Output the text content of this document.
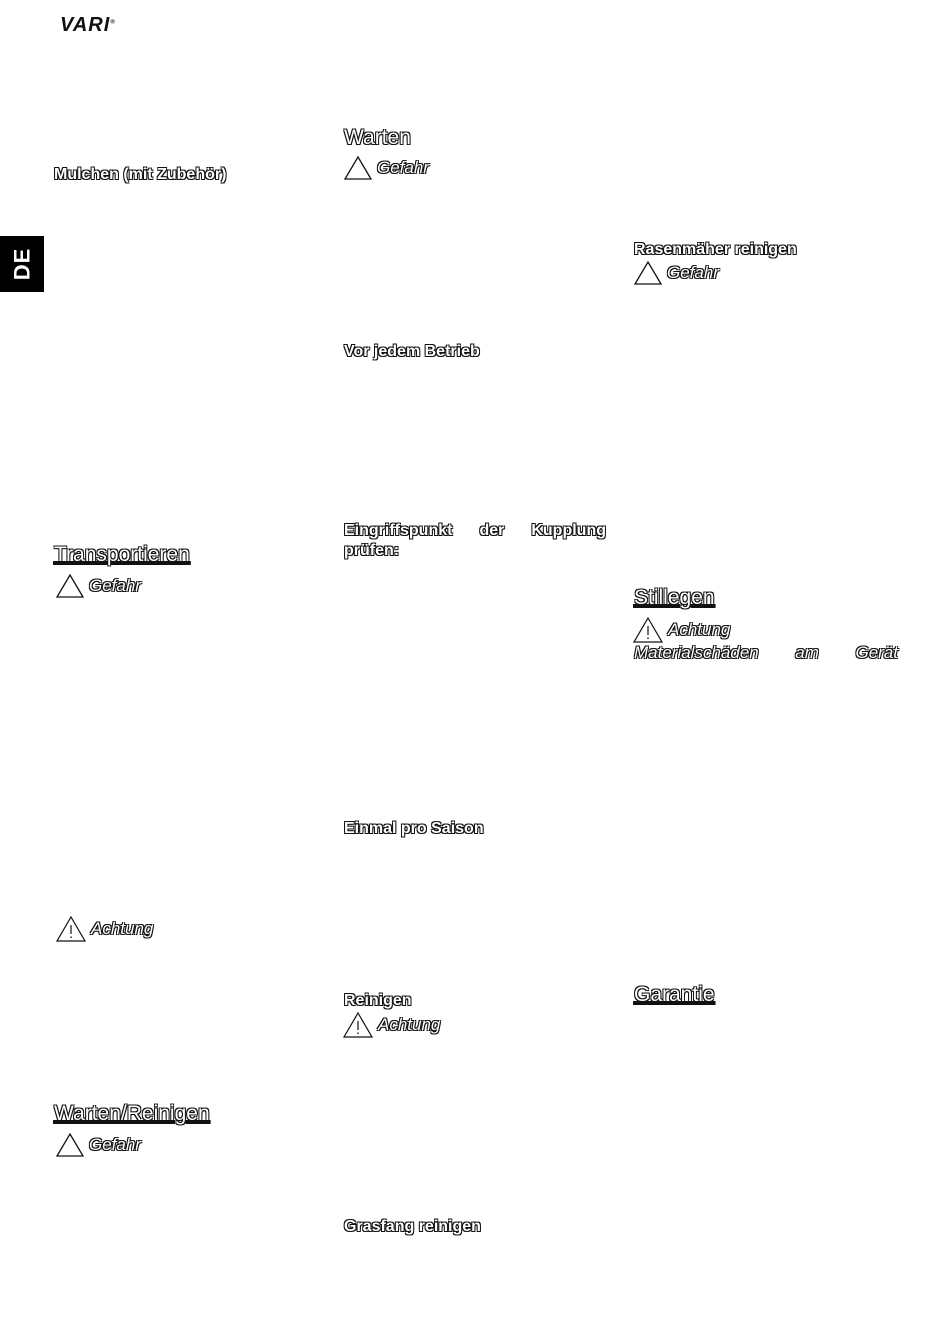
VARI®
DE
Mulchen (mit Zubehör)
Transportieren
Gefahr
Achtung
Warten/Reinigen
Gefahr
Warten
Gefahr
Vor jedem Betrieb
Eingriffspunkt der Kupplung
prüfen:
Einmal pro Saison
Reinigen
Achtung
Grasfang reinigen
Rasenmäher reinigen
Gefahr
Stillegen
Achtung
Materialschäden am Gerät
Garantie
